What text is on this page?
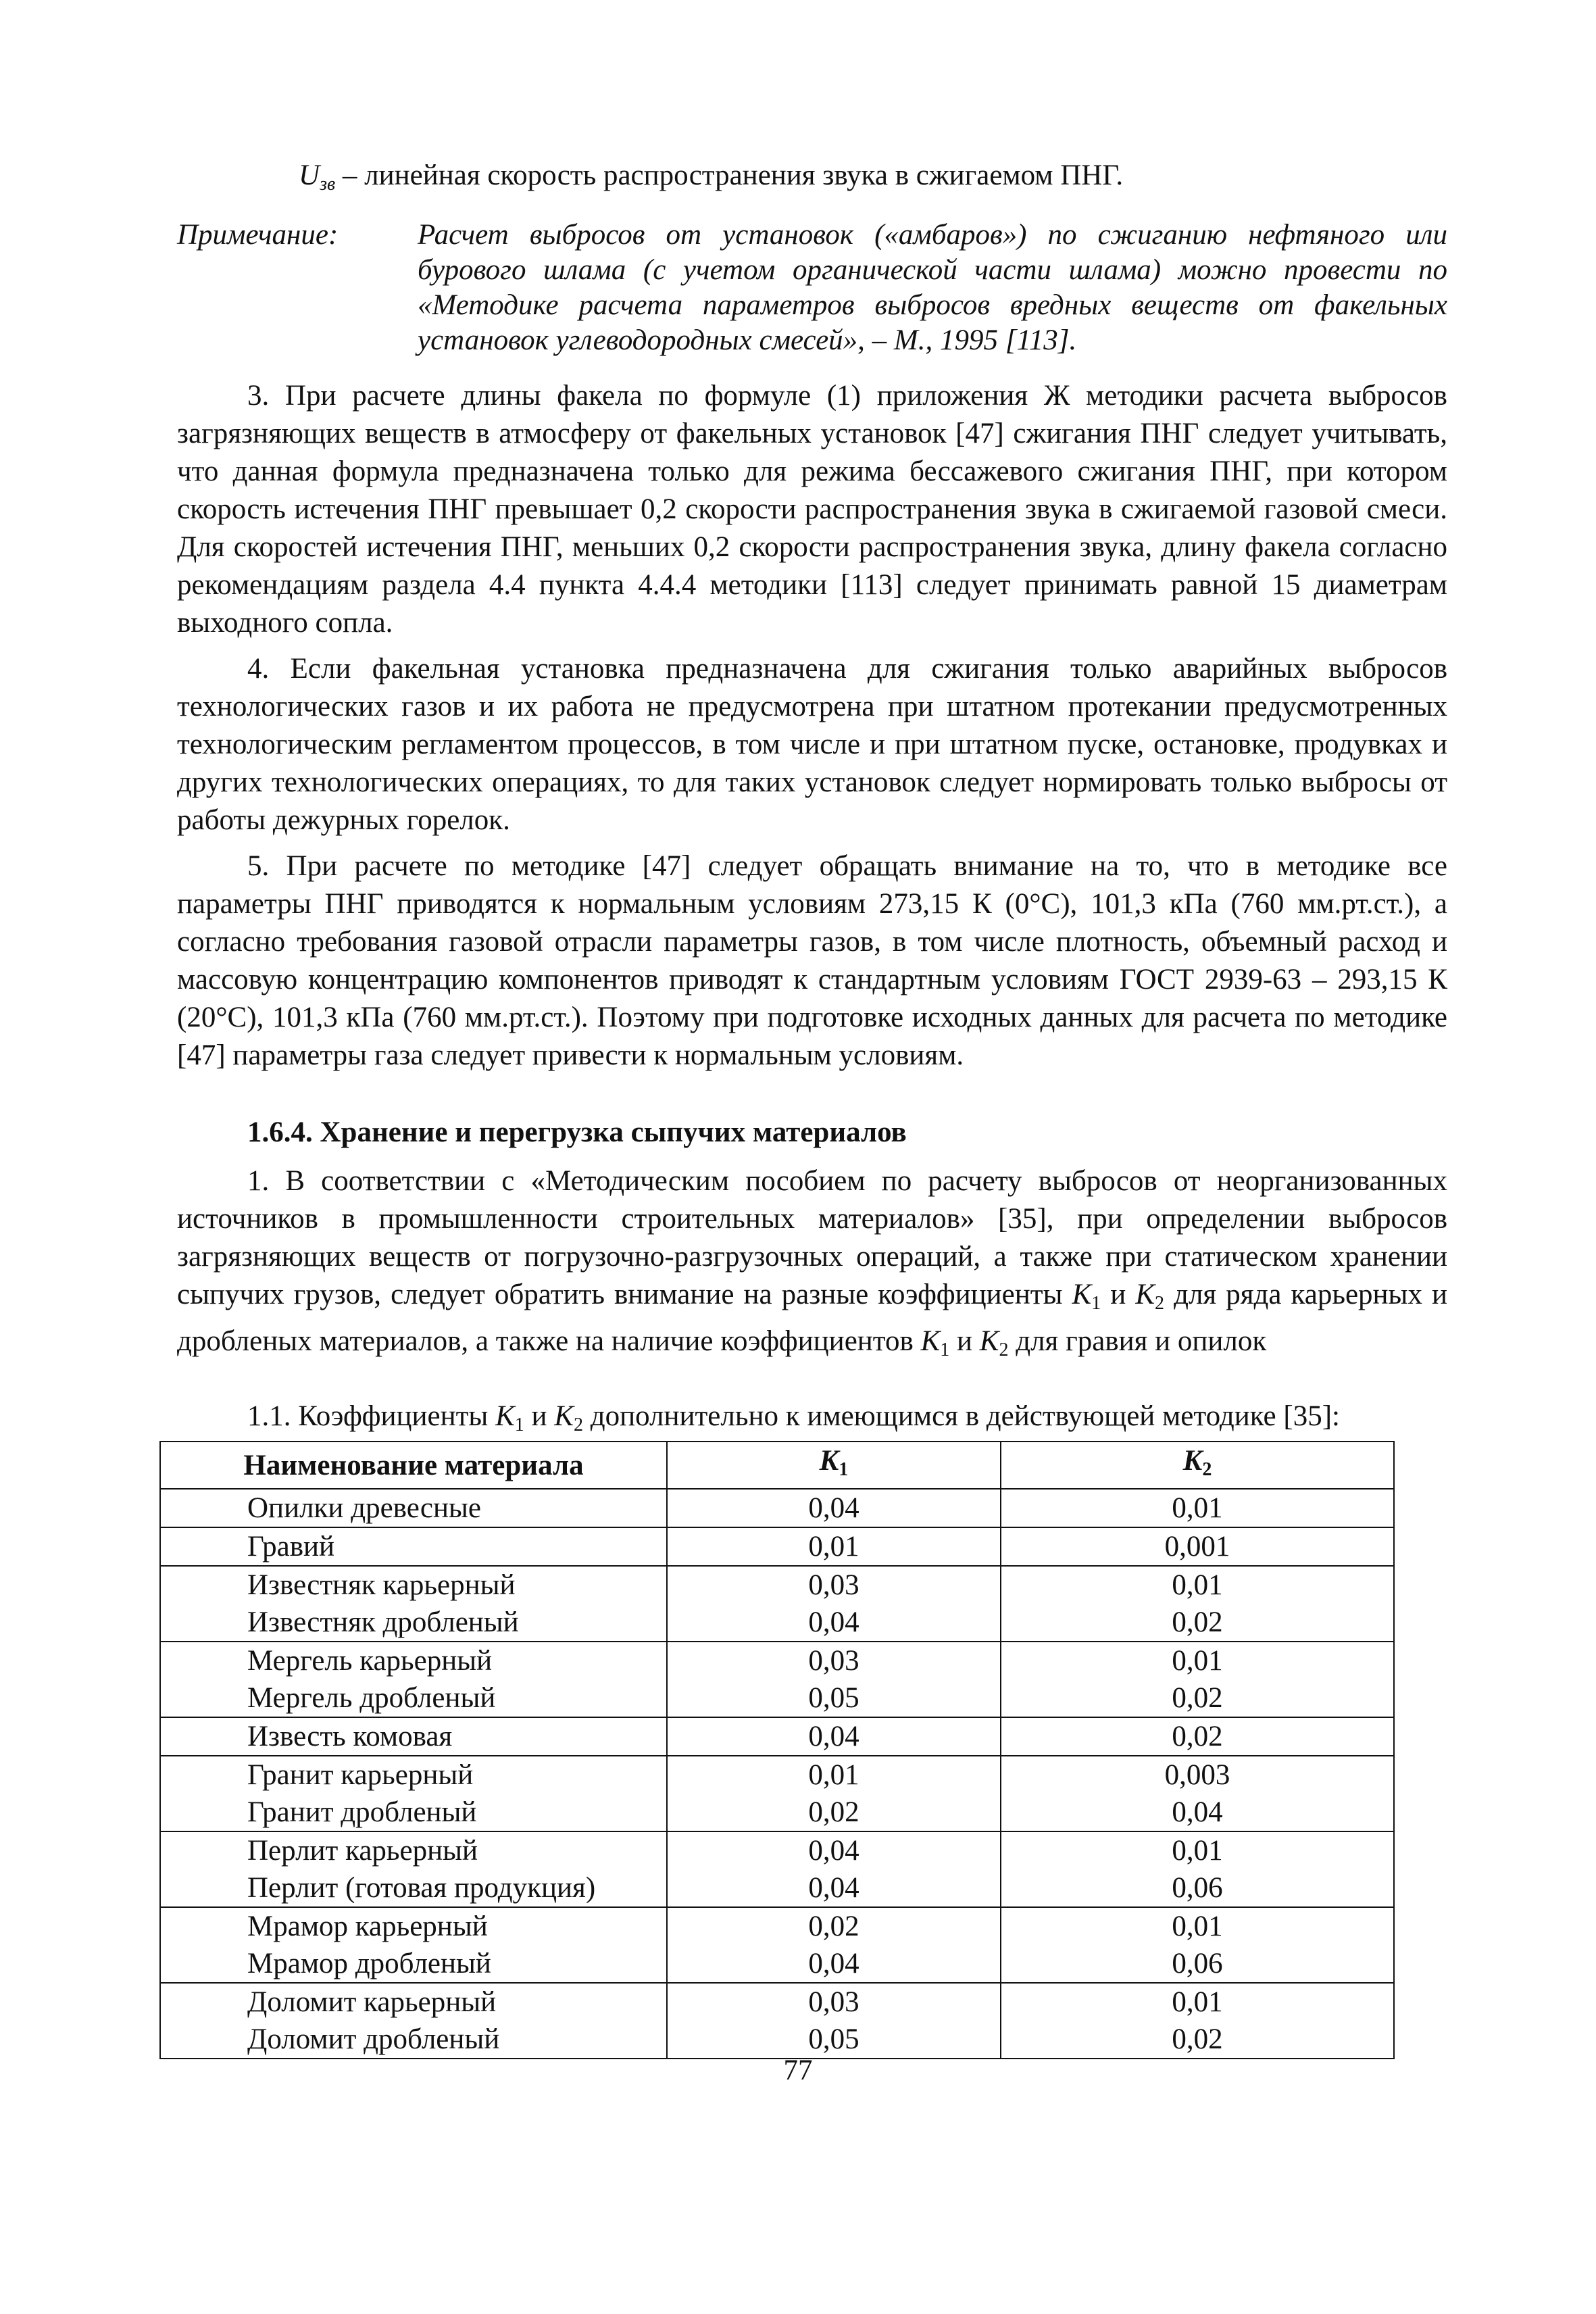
$U_{зв}$ – линейная скорость распространения звука в сжигаемом ПНГ.

Примечание:	Расчет выбросов от установок («амбаров») по сжиганию нефтяного или бурового шлама (с учетом органической части шлама) можно провести по «Методике расчета параметров выбросов вредных веществ от факельных установок углеводородных смесей», – М., 1995 [113].

3. При расчете длины факела по формуле (1) приложения Ж методики расчета выбросов загрязняющих веществ в атмосферу от факельных установок [47] сжигания ПНГ следует учитывать, что данная формула предназначена только для режима бессажевого сжигания ПНГ, при котором скорость истечения ПНГ превышает 0,2 скорости распространения звука в сжигаемой газовой смеси. Для скоростей истечения ПНГ, меньших 0,2 скорости распространения звука, длину факела согласно рекомендациям раздела 4.4 пункта 4.4.4 методики [113] следует принимать равной 15 диаметрам выходного сопла.

4. Если факельная установка предназначена для сжигания только аварийных выбросов технологических газов и их работа не предусмотрена при штатном протекании предусмотренных технологическим регламентом процессов, в том числе и при штатном пуске, остановке, продувках и других технологических операциях, то для таких установок следует нормировать только выбросы от работы дежурных горелок.

5. При расчете по методике [47] следует обращать внимание на то, что в методике все параметры ПНГ приводятся к нормальным условиям 273,15 К (0°С), 101,3 кПа (760 мм.рт.ст.), а согласно требования газовой отрасли параметры газов, в том числе плотность, объемный расход и массовую концентрацию компонентов приводят к стандартным условиям ГОСТ 2939-63 – 293,15 К (20°С), 101,3 кПа (760 мм.рт.ст.). Поэтому при подготовке исходных данных для расчета по методике [47] параметры газа следует привести к нормальным условиям.

1.6.4. Хранение и перегрузка сыпучих материалов

1. В соответствии с «Методическим пособием по расчету выбросов от неорганизованных источников в промышленности строительных материалов» [35], при определении выбросов загрязняющих веществ от погрузочно-разгрузочных операций, а также при статическом хранении сыпучих грузов, следует обратить внимание на разные коэффициенты $K_1$ и $K_2$ для ряда карьерных и дробленых материалов, а также на наличие коэффициентов $K_1$ и $K_2$ для гравия и опилок

1.1. Коэффициенты $K_1$ и $K_2$ дополнительно к имеющимся в действующей методике [35]:
Наименование материала	$K_1$	$K_2$
Опилки древесные	0,04	0,01
Гравий	0,01	0,001
Известняк карьерный	0,03	0,01
Известняк дробленый	0,04	0,02
Мергель карьерный	0,03	0,01
Мергель дробленый	0,05	0,02
Известь комовая	0,04	0,02
Гранит карьерный	0,01	0,003
Гранит дробленый	0,02	0,04
Перлит карьерный	0,04	0,01
Перлит (готовая продукция)	0,04	0,06
Мрамор карьерный	0,02	0,01
Мрамор дробленый	0,04	0,06
Доломит карьерный	0,03	0,01
Доломит дробленый	0,05	0,02
77
